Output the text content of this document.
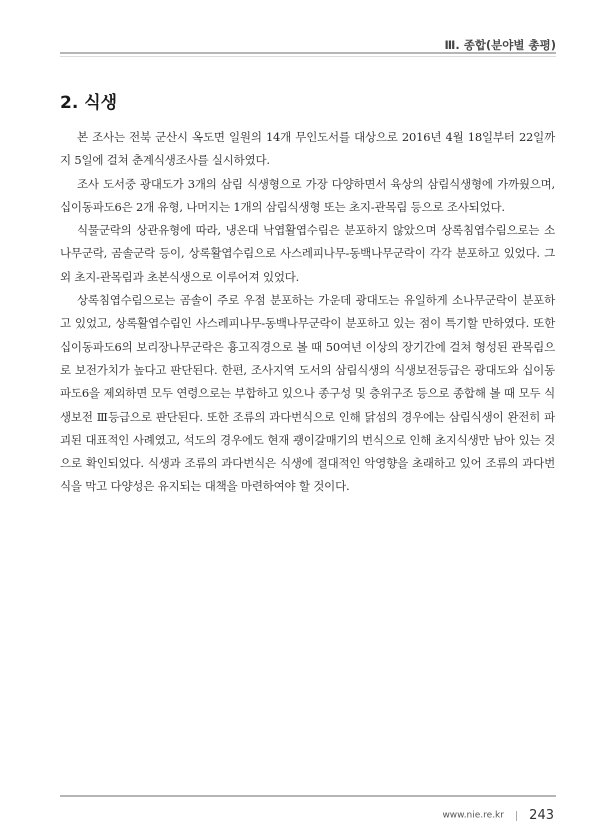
Ⅲ. 종합(분야별 총평)
2. 식생

본 조사는 전북 군산시 옥도면 일원의 14개 무인도서를 대상으로 2016년 4월 18일부터 22일까지 5일에 걸쳐 춘계식생조사를 실시하였다.

조사 도서중 광대도가 3개의 삼림 식생형으로 가장 다양하면서 육상의 삼림식생형에 가까웠으며, 십이동파도6은 2개 유형, 나머지는 1개의 삼림식생형 또는 초지-관목림 등으로 조사되었다.

식물군락의 상관유형에 따라, 냉온대 낙엽활엽수림은 분포하지 않았으며 상록침엽수림으로는 소나무군락, 곰솔군락 등이, 상록활엽수림으로 사스레피나무-동백나무군락이 각각 분포하고 있었다. 그 외 초지-관목림과 초본식생으로 이루어져 있었다.

상록침엽수림으로는 곰솔이 주로 우점 분포하는 가운데 광대도는 유일하게 소나무군락이 분포하고 있었고, 상록활엽수림인 사스레피나무-동백나무군락이 분포하고 있는 점이 특기할 만하였다. 또한 십이동파도6의 보리장나무군락은 흉고직경으로 볼 때 50여년 이상의 장기간에 걸쳐 형성된 관목림으로 보전가치가 높다고 판단된다. 한편, 조사지역 도서의 삼림식생의 식생보전등급은 광대도와 십이동파도6을 제외하면 모두 연령으로는 부합하고 있으나 종구성 및 층위구조 등으로 종합해 볼 때 모두 식생보전 Ⅲ등급으로 판단된다. 또한 조류의 과다번식으로 인해 닭섬의 경우에는 삼림식생이 완전히 파괴된 대표적인 사례였고, 석도의 경우에도 현재 괭이갈매기의 번식으로 인해 초지식생만 남아 있는 것으로 확인되었다. 식생과 조류의 과다번식은 식생에 절대적인 악영향을 초래하고 있어 조류의 과다번식을 막고 다양성은 유지되는 대책을 마련하여야 할 것이다.

www.nie.re.kr 243
